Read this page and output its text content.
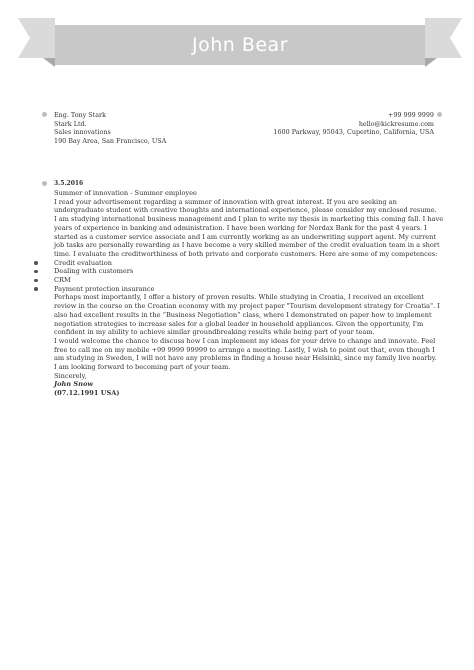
John Bear
Eng. Tony Stark
Stark Ltd.
Sales innovations
190 Bay Area, San Francisco, USA
+99 999 9999
hello@kickresume.com
1600 Parkway, 95043, Cupertino, California, USA
3.5.2016

Summer of innovation - Summer employee

I read your advertisement regarding a summer of innovation with great interest. If you are seeking an undergraduate student with creative thoughts and international experience, please consider my enclosed resume.

I am studying international business management and I plan to write my thesis in marketing this coming fall. I have years of experience in banking and administration. I have been working for Nordax Bank for the past 4 years. I started as a customer service associate and I am currently working as an underwriting support agent. My current job tasks are personally rewarding as I have become a very skilled member of the credit evaluation team in a short time. I evaluate the creditworthiness of both private and corporate customers. Here are some of my competences:

Credit evaluation
Dealing with customers
CRM
Payment protection insurance

Perhaps most importantly, I offer a history of proven results. While studying in Croatia, I received an excellent review in the course on the Croatian economy with my project paper "Tourism development strategy for Croatia". I also had excellent results in the “Business Negotiation” class, where I demonstrated on paper how to implement negotiation strategies to increase sales for a global leader in household appliances. Given the opportunity, I'm confident in my ability to achieve similar groundbreaking results while being part of your team.

I would welcome the chance to discuss how I can implement my ideas for your drive to change and innovate. Feel free to call me on my mobile +99 9999 99999 to arrange a meeting. Lastly, I wish to point out that, even though I am studying in Sweden, I will not have any problems in finding a house near Helsinki, since my family live nearby.

I am looking forward to becoming part of your team.

Sincerely,

John Snow

(07.12.1991 USA)
